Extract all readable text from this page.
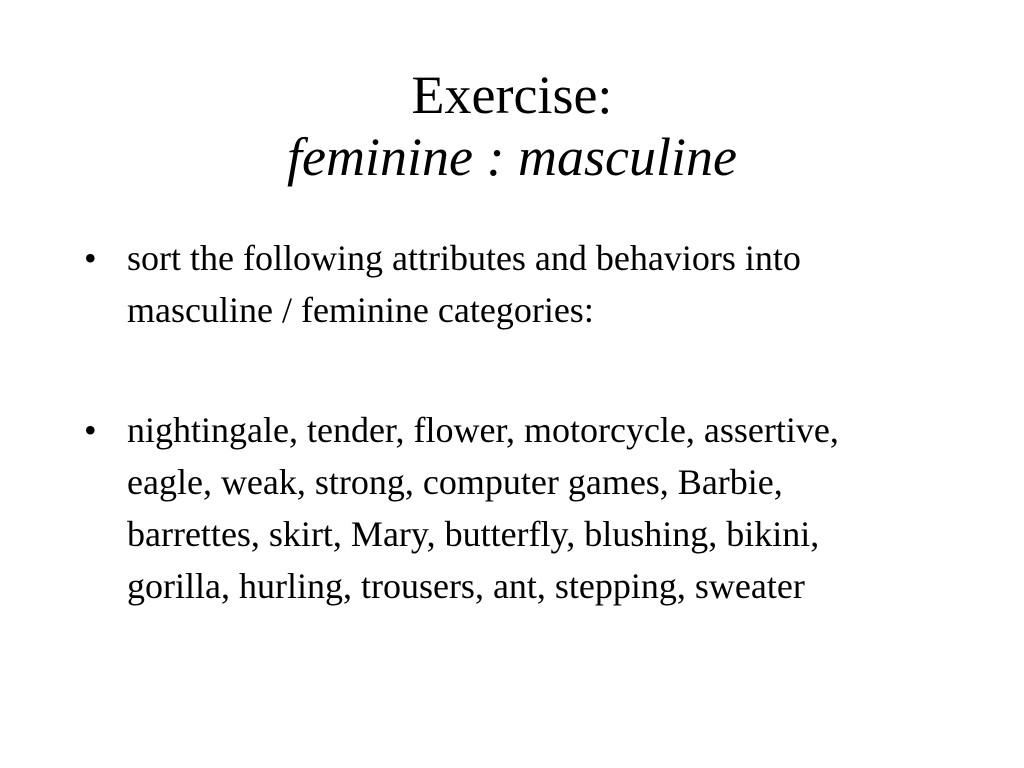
Exercise:
feminine : masculine
• sort the following attributes and behaviors into masculine / feminine categories:
• nightingale, tender, flower, motorcycle, assertive, eagle, weak, strong, computer games, Barbie, barrettes, skirt, Mary, butterfly, blushing, bikini, gorilla, hurling, trousers, ant, stepping, sweater
